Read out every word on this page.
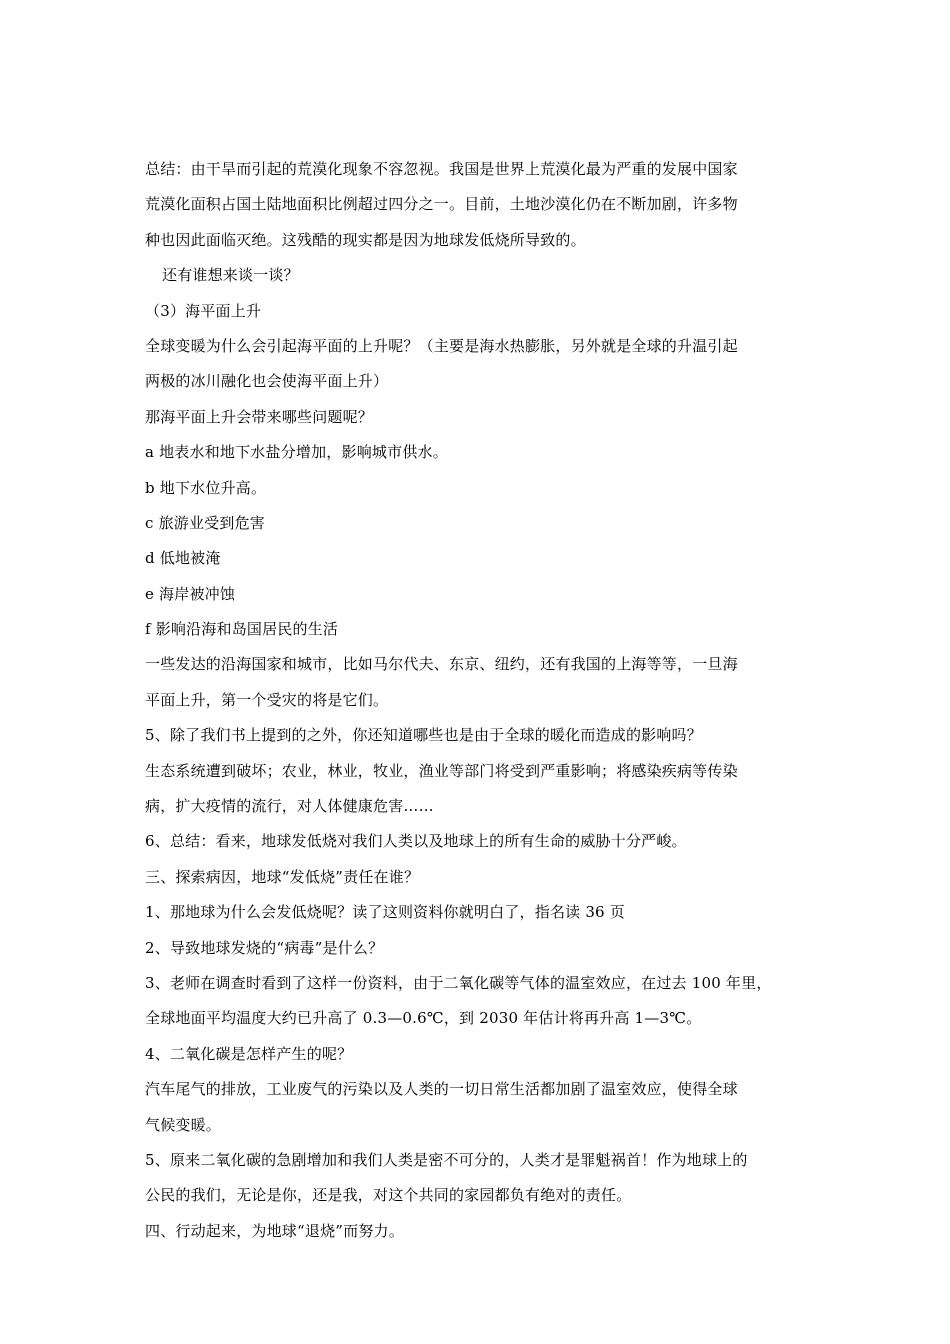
总结：由干旱而引起的荒漠化现象不容忽视。我国是世界上荒漠化最为严重的发展中国家
荒漠化面积占国土陆地面积比例超过四分之一。目前，土地沙漠化仍在不断加剧，许多物
种也因此面临灭绝。这残酷的现实都是因为地球发低烧所导致的。
还有谁想来谈一谈？
（3）海平面上升
全球变暖为什么会引起海平面的上升呢？（主要是海水热膨胀，另外就是全球的升温引起
两极的冰川融化也会使海平面上升）
那海平面上升会带来哪些问题呢？
a 地表水和地下水盐分增加，影响城市供水。
b 地下水位升高。
c 旅游业受到危害
d 低地被淹
e 海岸被冲蚀
f 影响沿海和岛国居民的生活
一些发达的沿海国家和城市，比如马尔代夫、东京、纽约，还有我国的上海等等，一旦海
平面上升，第一个受灾的将是它们。
5、除了我们书上提到的之外，你还知道哪些也是由于全球的暖化而造成的影响吗？
生态系统遭到破坏；农业，林业，牧业，渔业等部门将受到严重影响；将感染疾病等传染
病，扩大疫情的流行，对人体健康危害……
6、总结：看来，地球发低烧对我们人类以及地球上的所有生命的威胁十分严峻。
三、探索病因，地球“发低烧”责任在谁？
1、那地球为什么会发低烧呢？读了这则资料你就明白了，指名读 36 页
2、导致地球发烧的“病毒”是什么？
3、老师在调查时看到了这样一份资料，由于二氧化碳等气体的温室效应，在过去 100 年里，
全球地面平均温度大约已升高了 0.3—0.6℃，到 2030 年估计将再升高 1—3℃。
4、二氧化碳是怎样产生的呢？
汽车尾气的排放，工业废气的污染以及人类的一切日常生活都加剧了温室效应，使得全球
气候变暖。
5、原来二氧化碳的急剧增加和我们人类是密不可分的，人类才是罪魁祸首！作为地球上的
公民的我们，无论是你，还是我，对这个共同的家园都负有绝对的责任。
四、行动起来，为地球“退烧”而努力。
